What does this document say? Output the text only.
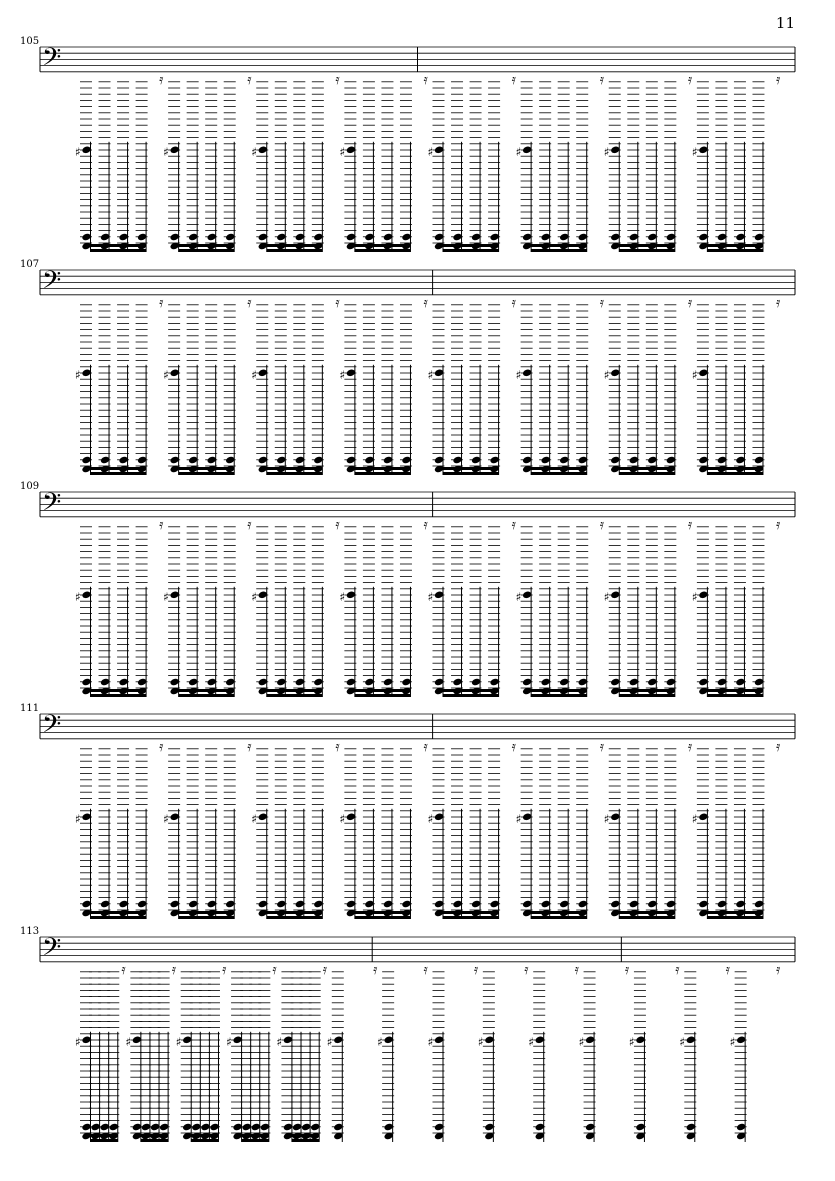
11
105
𝄢
♯
𝄿
♯
𝄿
♯
𝄿
♯
𝄿
♯
𝄿
♯
𝄿
♯
𝄿
♯
𝄿
107
𝄢
♯
𝄿
♯
𝄿
♯
𝄿
♯
𝄿
♯
𝄿
♯
𝄿
♯
𝄿
♯
𝄿
109
𝄢
♯
𝄿
♯
𝄿
♯
𝄿
♯
𝄿
♯
𝄿
♯
𝄿
♯
𝄿
♯
𝄿
111
𝄢
♯
𝄿
♯
𝄿
♯
𝄿
♯
𝄿
♯
𝄿
♯
𝄿
♯
𝄿
♯
𝄿
113
𝄢
♯
𝄿
♯
𝄿
♯
𝄿
♯
𝄿
♯
𝄿
♯
𝄿
♯
𝄿
♯
𝄿
♯
𝄿
♯
𝄿
♯
𝄿
♯
𝄿
♯
𝄿
♯
𝄿
